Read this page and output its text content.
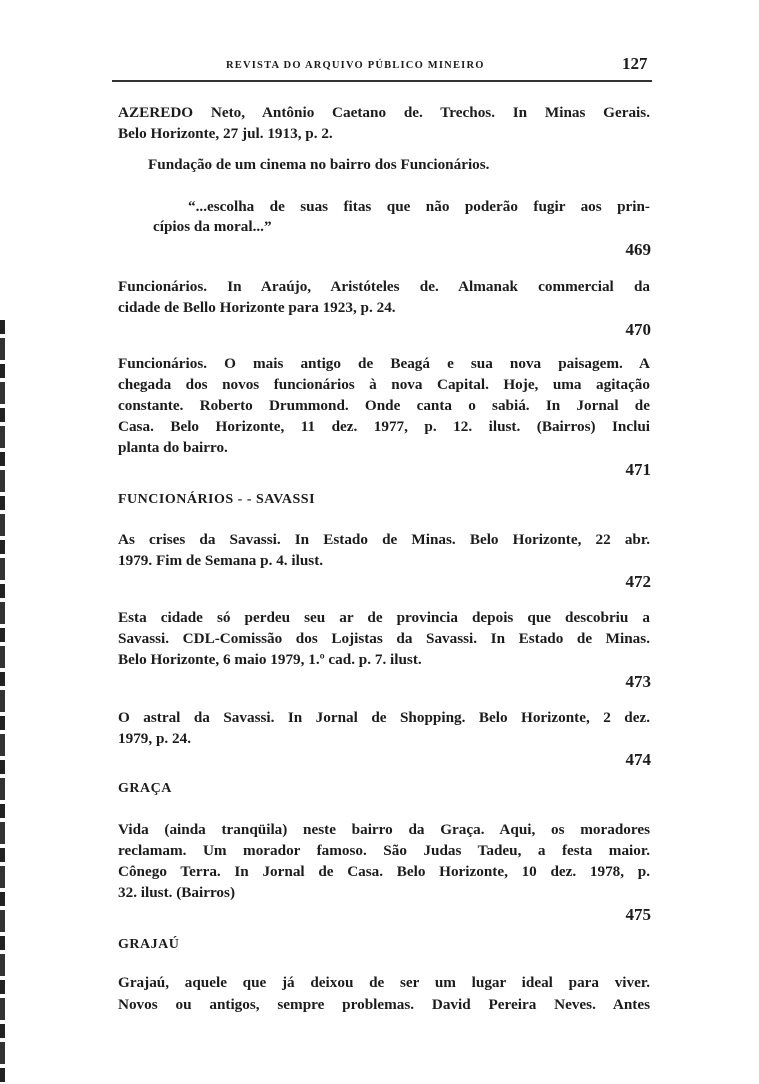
REVISTA DO ARQUIVO PÚBLICO MINEIRO	127
AZEREDO Neto, Antônio Caetano de. Trechos. In Minas Gerais.
Belo Horizonte, 27 jul. 1913, p. 2.
Fundação de um cinema no bairro dos Funcionários.
“...escolha de suas fitas que não poderão fugir aos prin-
cípios da moral...”
469
Funcionários. In Araújo, Aristóteles de. Almanak commercial da
cidade de Bello Horizonte para 1923, p. 24.
470
Funcionários. O mais antigo de Beagá e sua nova paisagem. A
chegada dos novos funcionários à nova Capital. Hoje, uma agitação
constante. Roberto Drummond. Onde canta o sabiá. In Jornal de
Casa. Belo Horizonte, 11 dez. 1977, p. 12. ilust. (Bairros) Inclui
planta do bairro.
471
FUNCIONÁRIOS - - SAVASSI
As crises da Savassi. In Estado de Minas. Belo Horizonte, 22 abr.
1979. Fim de Semana p. 4. ilust.
472
Esta cidade só perdeu seu ar de provincia depois que descobriu a
Savassi. CDL-Comissão dos Lojistas da Savassi. In Estado de Minas.
Belo Horizonte, 6 maio 1979, 1.º cad. p. 7. ilust.
473
O astral da Savassi. In Jornal de Shopping. Belo Horizonte, 2 dez.
1979, p. 24.
474
GRAÇA
Vida (ainda tranqüila) neste bairro da Graça. Aqui, os moradores
reclamam. Um morador famoso. São Judas Tadeu, a festa maior.
Cônego Terra. In Jornal de Casa. Belo Horizonte, 10 dez. 1978, p.
32. ilust. (Bairros)
475
GRAJAÚ
Grajaú, aquele que já deixou de ser um lugar ideal para viver.
Novos ou antigos, sempre problemas. David Pereira Neves. Antes
